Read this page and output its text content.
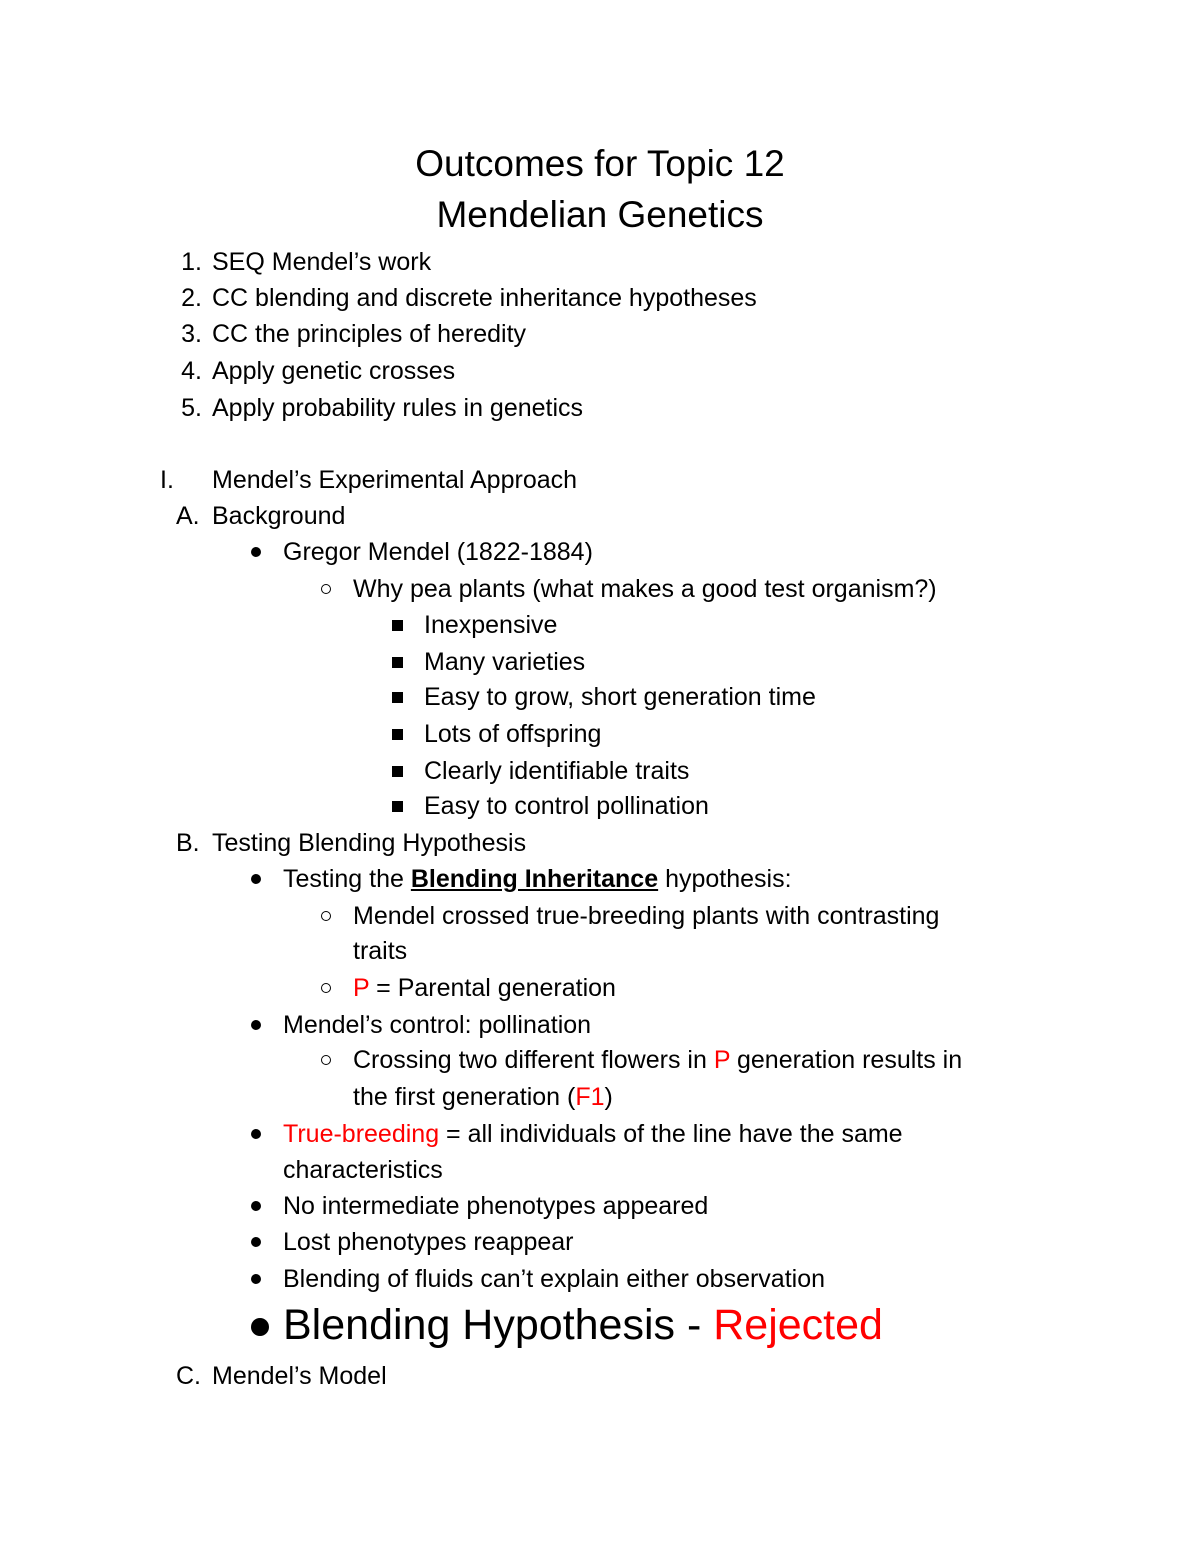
Outcomes for Topic 12
Mendelian Genetics
1. SEQ Mendel’s work
2. CC blending and discrete inheritance hypotheses
3. CC the principles of heredity
4. Apply genetic crosses
5. Apply probability rules in genetics
I. Mendel’s Experimental Approach
A. Background
Gregor Mendel (1822-1884)
Why pea plants (what makes a good test organism?)
Inexpensive
Many varieties
Easy to grow, short generation time
Lots of offspring
Clearly identifiable traits
Easy to control pollination
B. Testing Blending Hypothesis
Testing the Blending Inheritance hypothesis:
Mendel crossed true-breeding plants with contrasting
traits
P = Parental generation
Mendel’s control: pollination
Crossing two different flowers in P generation results in
the first generation (F1)
True-breeding = all individuals of the line have the same
characteristics
No intermediate phenotypes appeared
Lost phenotypes reappear
Blending of fluids can’t explain either observation
Blending Hypothesis - Rejected
C. Mendel’s Model
